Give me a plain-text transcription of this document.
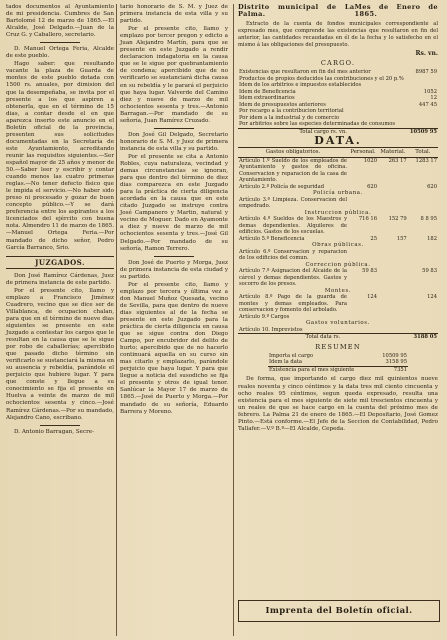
tados documentos al Ayuntamiento de mi presidencia. Cumbres de San Bartolomé 12 de marzo de 1865.—El Alcalde, José Delgado.—Juan de la Cruz G. y Caballero, secretario.

D. Manuel Ortega Feria, Alcalde de este pueblo.

Hago saber: que resultando vacante la plaza de Guarda de montes de este pueblo dotada con 1500 rs. anuales, por dimision del que la desempeñaba, se invita por el presente a los que aspiren a obtenerla, que en el término de 15 dias, a contar desde el en que aparezca inserto este anuncio en el Boletín oficial de la provincia, presenten sus solicitudes documentadas en la Secretaría de este Ayuntamiento, acreditando reunir las requisitos siguientes.—Ser español mayor de 25 años y menor de 50.—Saber leer y escribir y contar cuando menos las cuatro primeras reglas.—No tener defecto físico que le impida el servicio.—No haber sido preso ni procesado y gozar de buen concepto público.—Y se dará preferencia entre los aspirantes a los licenciados del ejército con buena nota. Almendro 11 de marzo de 1865.—Manuel Ortega Feria.—Por mandado de dicho señor, Pedro García Barranco, Srio.

JUZGADOS.

Don José Ramírez Cárdenas, Juez de primera instancia de este partido.

Por el presente cito, llamo y emplazo a Francisco Jiménez Cuadrero, vecino que se dice ser de Villablanca, de ocupacion chalan, para que en el término de nueve dias siguientes se presente en este Juzgado a contestar los cargos que le resultan en la causa que se le sigue por robo de caballerías; apercibido que pasado dicho término sin verificarlo se sustanciará la misma en su ausencia y rebeldía, parándole el perjuicio que hubiere lugar. Y para que conste y llegue a su conocimiento se fija el presente en Huelva a veinte de marzo de mil ochocientos sesenta y cinco.—José Ramírez Cárdenas.—Por su mandado, Alejandro Cano, escribano.

D. Antonio Barragan, Secre-

tario honorario de S. M. y Juez de primera instancia de esta villa y su partido.

Por el presente cito, llamo y emplazo por tercer pregon y edicto a Juan Alejandro Martín, para que se presente en este Juzgado a rendir declaracion indagatoria en la causa que se le sigue por quebrantamiento de condena; apercibido que de no verificarlo se sustanciará dicha causa en su rebeldía y le parará el perjuicio que haya lugar. Valverde del Camino diez y nueve de marzo de mil ochocientos sesenta y tres.—Antonio Barragan.—Por mandado de su señoría, Juan Ramírez Cruzado.

Don José Gil Delgado, Secretario honorario de S. M. y Juez de primera instancia de esta villa y su partido.

Por el presente se cita a Antonio Robles, cuya naturaleza, vecindad y demas circunstancias se ignoran, para que dentro del término de diez dias comparezca en este Juzgado para la práctica de cierta diligencia acordada en la causa que en este citado Juzgado se instruye contra José Campanero y Martin, natural y vecino de Moguer. Dado en Ayamonte a diez y nueve de marzo de mil ochocientos sesenta y tres.—José Gil Delgado.—Por mandado de su señoría, Ramon Terrero.

Don José de Puerto y Morga, Juez de primera instancia de esta ciudad y su partido.

Por el presente cito, llamo y emplazo por tercera y última vez a don Manuel Muñoz Quesada, vecino de Sevilla, para que dentro de nueve dias siguientes al de la fecha se presente en este Juzgado para la práctica de cierta diligencia en causa que se sigue contra don Diego Campo, por encubridor del delito de hurto; apercibido que de no hacerlo continuará aquella en su curso sin mas citarlo y emplazarlo, parándole perjuicio que haya lugar. Y para que llegue a noticia del susodicho se fija el presente y otros de igual tenor. Sanlúcar la Mayor 17 de marzo de 1865.—José de Puerto y Morga.—Por mandado de su señoría, Eduardo Barrera y Moreno.

Distrito municipal de La Palma.
Mes de Enero de 1865.

Extracto de la cuenta de fondos municipales correspondiente al expresado mes, que comprende las existencias que resultaron en fin del anterior, las cantidades recaudadas en él de la fecha y lo satisfecho en el mismo á las obligaciones del presupuesto.

Rs. vn.
CARGO.
Existencias que resultaron en fin del mes anterior	8987 59
Productos de propios deducidos las contribuciones y el 20 p.%	
Idem de los arbitrios e impuestos establecidos	
Idem de Beneficencia	1052
Idem extraordinarios	12
Idem de presupuestos anteriores	447 45
Por recargo a la contribucion territorial	
Por idem a la industrial y de comercio	
Por arbitrios sobre las especies determinadas de consumos	
Total cargo rs. vn.	10509 95
DATA.
Gastos obligatorios.	Personal.	Material.	Total.
Artículo 1.º Sueldo de los empleados de Ayuntamiento y gastos de oficina. Conservacion y reparacion de la casa de Ayuntamiento.	1020	263 17	1283 17
Artículo 2.º Policía de seguridad	620		620
Policía urbana.			
Artículo 3.º Limpieza. Conservacion del empedrado.			
Instruccion pública.			
Artículo 4.º Sueldos de los Maestros y demas dependientes. Alquileres de edificios. Gastos de los escuelas.	716 16	152 79	8 8 95
Artículo 5.º Beneficencia	25	157	182
Obras públicas.			
Artículo 6.º Conservacion y reparacion de los edificios del comun.			
Correccion pública.			
Artículo 7.º Asignacion del Alcaide de la cárcel y demas dependientes. Gastos y socorro de los presos.	59 83		59 83
Montes.			
Artículo 8.º Pago de la guarda de montes y demas empleados. Para conservacion y fomento del arbolado.	124		124
Artículo 9.º Cargos			
Gastos voluntarios.			
Artículo 10. Imprevistos			
Total data rs.			3188 05
RESUMEN
Importa el cargo	10509 95
Idem la data	3158 95
Existencia para el mes siguiente	7351

De forma, que importando el cargo diez mil quinientos nueve reales noventa y cinco céntimos y la data tres mil ciento cincuenta y ocho reales 95 céntimos, segun queda expresado, resulta una existencia para el mes siguiente de siete mil trescientos cincuenta y un reales de que se hace cargo en la cuenta del próximo mes de febrero. La Palma 21 de enero de 1865.—El Depositario, José Gomez Pinto.—Está conforme.—El Jefe de la Seccion de Contabilidad, Pedro Tallafer.—V.º B.º—El Alcalde, Cepeda.

Imprenta del Boletín oficial.
